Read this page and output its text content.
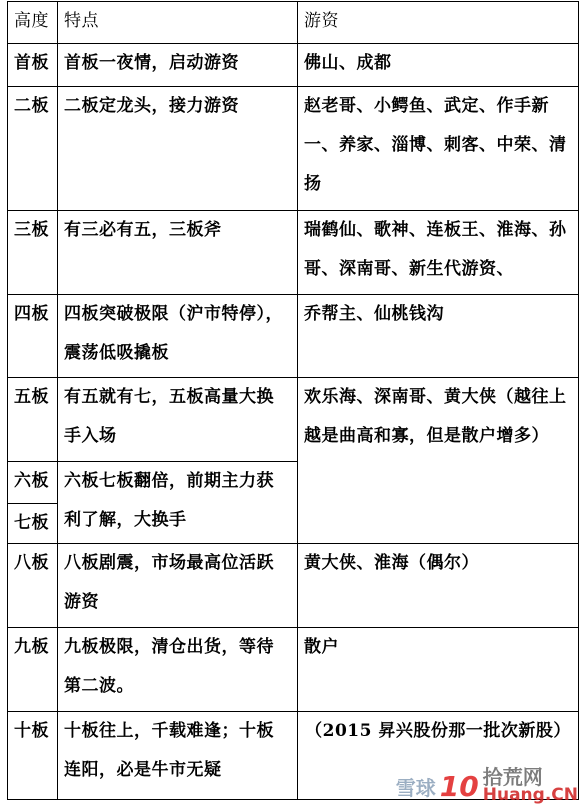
高度	特点	游资
首板	首板一夜情，启动游资	佛山、成都
二板	二板定龙头，接力游资	赵老哥、小鳄鱼、武定、作手新一、养家、淄博、刺客、中荣、清扬
三板	有三必有五，三板斧	瑞鹤仙、歌神、连板王、淮海、孙哥、深南哥、新生代游资、
四板	四板突破极限（沪市特停），震荡低吸撬板	乔帮主、仙桃钱沟
五板	有五就有七，五板高量大换手入场	欢乐海、深南哥、黄大侠（越往上越是曲高和寡，但是散户增多）
六板	六板七板翻倍，前期主力获利了解，大换手	
七板		
八板	八板剧震，市场最高位活跃游资	黄大侠、淮海（偶尔）
九板	九板极限，清仓出货，等待第二波。	散户
十板	十板往上，千载难逢；十板连阳，必是牛市无疑	（2015 昇兴股份那一批次新股）
雪球 10 拾荒网
Huang.CN
